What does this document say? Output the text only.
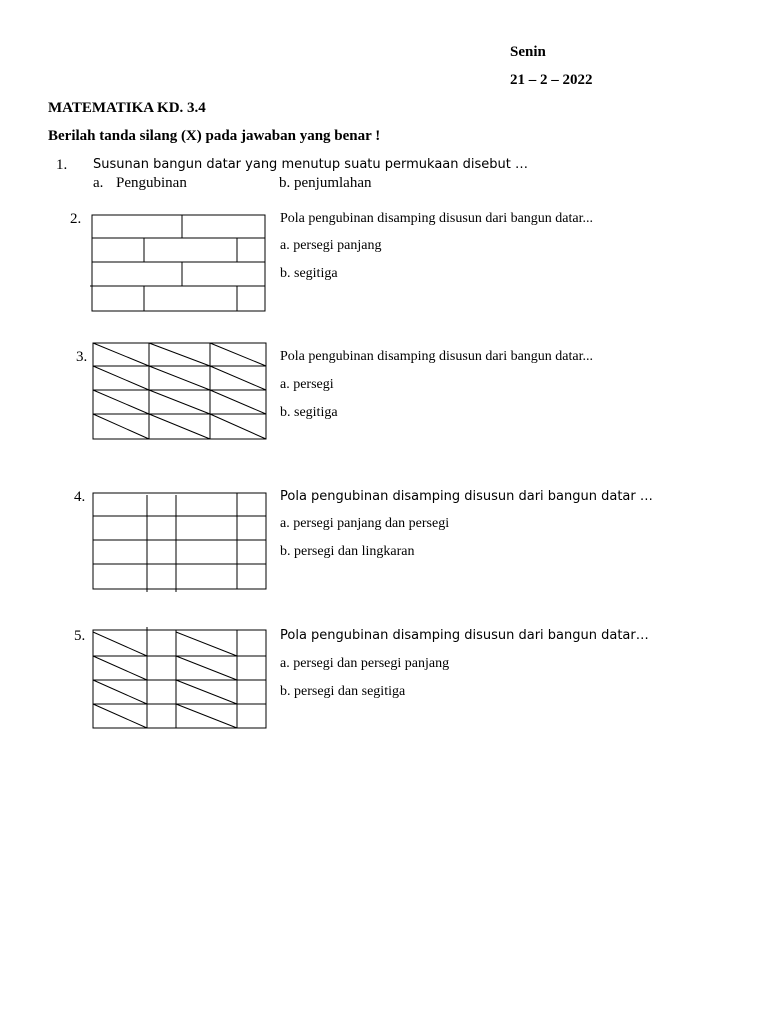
Senin
21 – 2 – 2022
MATEMATIKA KD. 3.4
Berilah tanda silang (X) pada jawaban yang benar !
1. Susunan bangun datar yang menutup suatu permukaan disebut …
a. Pengubinan	b. penjumlahan
2.	Pola pengubinan disamping disusun dari bangun datar...
a. persegi panjang
b. segitiga
3.	Pola pengubinan disamping disusun dari bangun datar...
a. persegi
b. segitiga
4.	Pola pengubinan disamping disusun dari bangun datar …
a. persegi panjang dan persegi
b. persegi dan lingkaran
5.	Pola pengubinan disamping disusun dari bangun datar…
a. persegi dan persegi panjang
b. persegi dan segitiga
